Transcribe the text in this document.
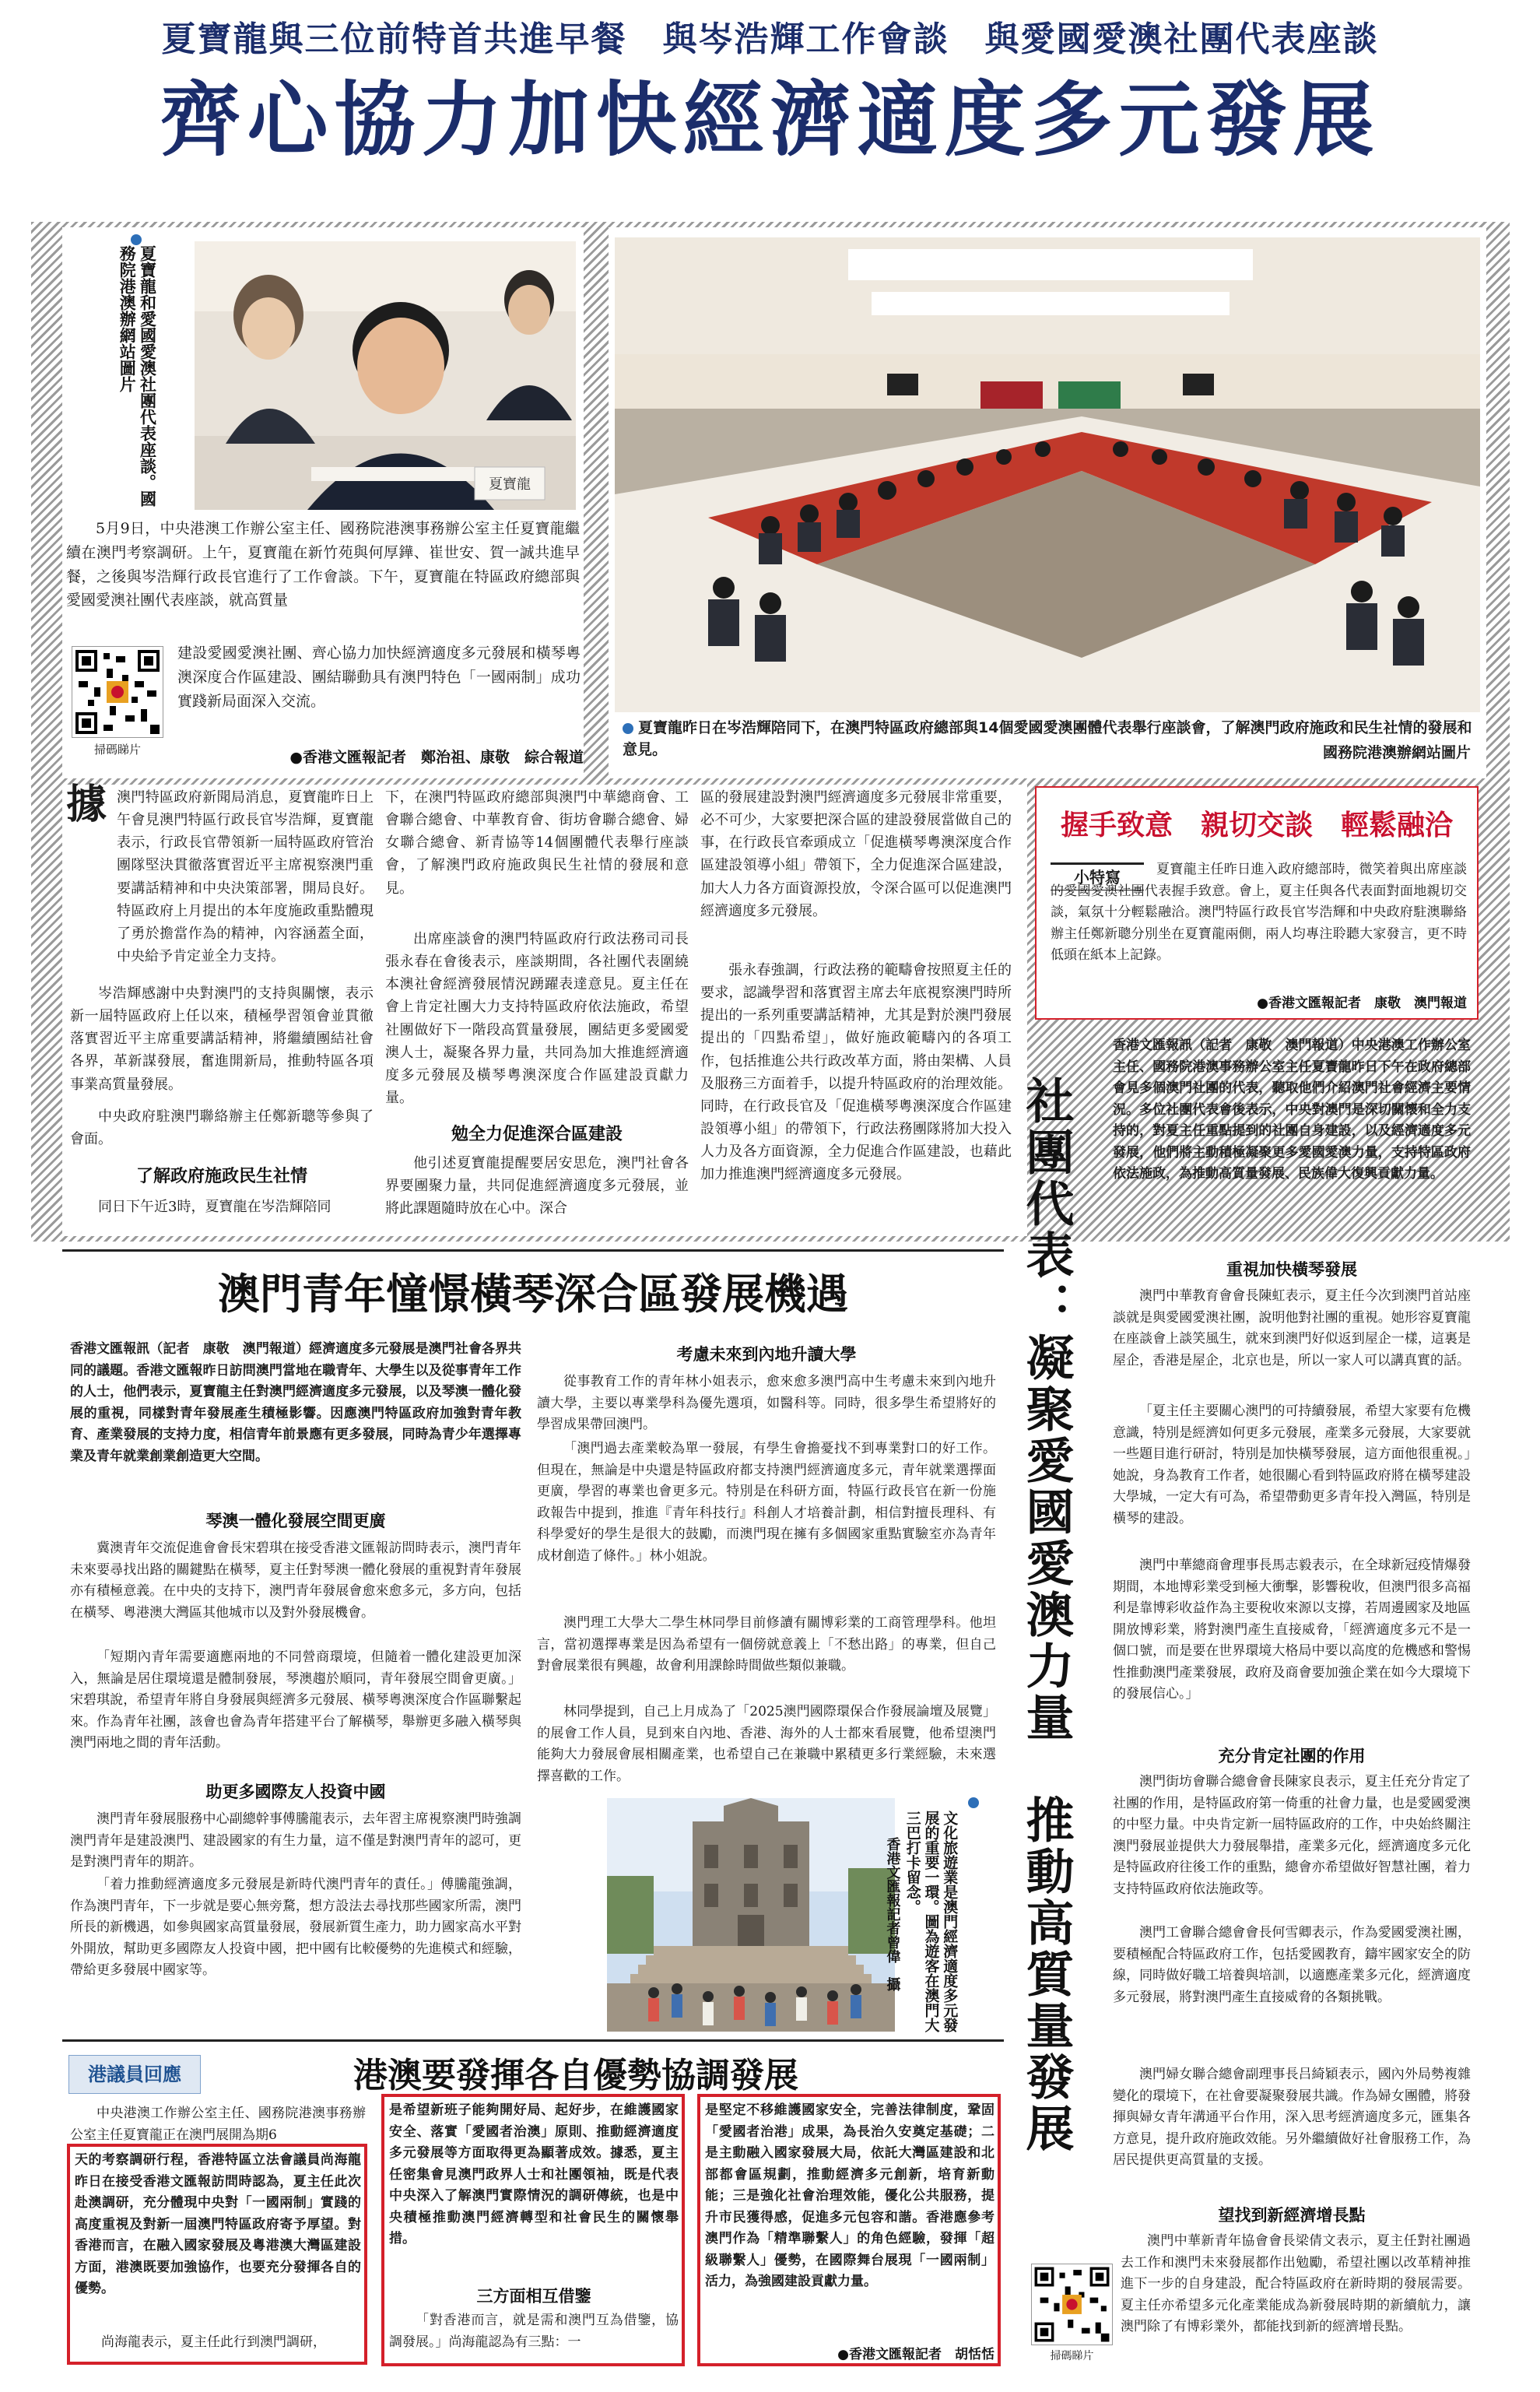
夏寶龍與三位前特首共進早餐　與岑浩輝工作會談　與愛國愛澳社團代表座談
齊心協力加快經濟適度多元發展
夏寶龍和愛國愛澳社團代表座談。國務院港澳辦網站圖片
夏寶龍
5月9日，中央港澳工作辦公室主任、國務院港澳事務辦公室主任夏寶龍繼續在澳門考察調研。上午，夏寶龍在新竹苑與何厚鏵、崔世安、賀一誠共進早餐，之後與岑浩輝行政長官進行了工作會談。下午，夏寶龍在特區政府總部與愛國愛澳社團代表座談，就高質量
掃碼睇片
建設愛國愛澳社團、齊心協力加快經濟適度多元發展和橫琴粵澳深度合作區建設、團結聯動具有澳門特色「一國兩制」成功實踐新局面深入交流。
●香港文匯報記者　鄭治祖、康敬　綜合報道
夏寶龍昨日在岑浩輝陪同下，在澳門特區政府總部與14個愛國愛澳團體代表舉行座談會，了解澳門政府施政和民生社情的發展和意見。	國務院港澳辦網站圖片
據 澳門特區政府新聞局消息，夏寶龍昨日上午會見澳門特區行政長官岑浩輝，夏寶龍表示，行政長官帶領新一屆特區政府管治團隊堅決貫徹落實習近平主席視察澳門重要講話精神和中央決策部署，開局良好。特區政府上月提出的本年度施政重點體現了勇於擔當作為的精神，內容涵蓋全面，中央給予肯定並全力支持。
岑浩輝感謝中央對澳門的支持與關懷，表示新一屆特區政府上任以來，積極學習領會並貫徹落實習近平主席重要講話精神，將繼續團結社會各界，革新謀發展，奮進開新局，推動特區各項事業高質量發展。
中央政府駐澳門聯絡辦主任鄭新聰等參與了會面。
了解政府施政民生社情
同日下午近3時，夏寶龍在岑浩輝陪同
下，在澳門特區政府總部與澳門中華總商會、工會聯合總會、中華教育會、街坊會聯合總會、婦女聯合總會、新青協等14個團體代表舉行座談會，了解澳門政府施政與民生社情的發展和意見。
出席座談會的澳門特區政府行政法務司司長張永春在會後表示，座談期間，各社團代表圍繞本澳社會經濟發展情況踴躍表達意見。夏主任在會上肯定社團大力支持特區政府依法施政，希望社團做好下一階段高質量發展，團結更多愛國愛澳人士，凝聚各界力量，共同為加大推進經濟適度多元發展及橫琴粵澳深度合作區建設貢獻力量。
勉全力促進深合區建設
他引述夏寶龍提醒要居安思危，澳門社會各界要團聚力量，共同促進經濟適度多元發展，並將此課題隨時放在心中。深合
區的發展建設對澳門經濟適度多元發展非常重要，必不可少，大家要把深合區的建設發展當做自己的事，在行政長官牽頭成立「促進橫琴粵澳深度合作區建設領導小組」帶領下，全力促進深合區建設，加大人力各方面資源投放，令深合區可以促進澳門經濟適度多元發展。
張永春強調，行政法務的範疇會按照夏主任的要求，認識學習和落實習主席去年底視察澳門時所提出的一系列重要講話精神，尤其是對於澳門發展提出的「四點希望」，做好施政範疇內的各項工作，包括推進公共行政改革方面，將由架構、人員及服務三方面着手，以提升特區政府的治理效能。同時，在行政長官及「促進橫琴粵澳深度合作區建設領導小組」的帶領下，行政法務團隊將加大投入人力及各方面資源，全力促進合作區建設，也藉此加力推進澳門經濟適度多元發展。
握手致意　親切交談　輕鬆融洽
小特寫	夏寶龍主任昨日進入政府總部時，微笑着與出席座談的愛國愛澳社團代表握手致意。會上，夏主任與各代表面對面地親切交談，氣氛十分輕鬆融洽。澳門特區行政長官岑浩輝和中央政府駐澳聯絡辦主任鄭新聰分別坐在夏寶龍兩側，兩人均專注聆聽大家發言，更不時低頭在紙本上記錄。
●香港文匯報記者　康敬　澳門報道
社團代表：凝聚愛國愛澳力量　推動高質量發展
香港文匯報訊（記者　康敬　澳門報道）中央港澳工作辦公室主任、國務院港澳事務辦公室主任夏寶龍昨日下午在政府總部會見多個澳門社團的代表，聽取他們介紹澳門社會經濟主要情況。多位社團代表會後表示，中央對澳門是深切關懷和全力支持的，對夏主任重點提到的社團自身建設，以及經濟適度多元發展，他們將主動積極凝聚更多愛國愛澳力量，支持特區政府依法施政，為推動高質量發展、民族偉大復興貢獻力量。
重視加快橫琴發展
澳門中華教育會會長陳虹表示，夏主任今次到澳門首站座談就是與愛國愛澳社團，說明他對社團的重視。她形容夏寶龍在座談會上談笑風生，就來到澳門好似返到屋企一樣，這裏是屋企，香港是屋企，北京也是，所以一家人可以講真實的話。
「夏主任主要關心澳門的可持續發展，希望大家要有危機意識，特別是經濟如何更多元發展，產業多元發展，大家要就一些題目進行研討，特別是加快橫琴發展，這方面他很重視。」她說，身為教育工作者，她很關心看到特區政府將在橫琴建設大學城，一定大有可為，希望帶動更多青年投入灣區，特別是橫琴的建設。
澳門中華總商會理事長馬志毅表示，在全球新冠疫情爆發期間，本地博彩業受到極大衝擊，影響稅收，但澳門很多高福利是靠博彩收益作為主要稅收來源以支撐，若周邊國家及地區開放博彩業，將對澳門產生直接威脅，「經濟適度多元不是一個口號，而是要在世界環境大格局中要以高度的危機感和警惕性推動澳門產業發展，政府及商會要加強企業在如今大環境下的發展信心。」
充分肯定社團的作用
澳門街坊會聯合總會會長陳家良表示，夏主任充分肯定了社團的作用，是特區政府第一倚重的社會力量，也是愛國愛澳的中堅力量。中央肯定新一屆特區政府的工作，中央始終關注澳門發展並提供大力發展舉措，產業多元化，經濟適度多元化是特區政府往後工作的重點，總會亦希望做好智慧社團，着力支持特區政府依法施政等。
澳門工會聯合總會會長何雪卿表示，作為愛國愛澳社團，要積極配合特區政府工作，包括愛國教育，鑄牢國家安全的防線，同時做好職工培養與培訓，以適應產業多元化，經濟適度多元發展，將對澳門產生直接威脅的各類挑戰。
澳門婦女聯合總會副理事長吕綺穎表示，國內外局勢複雜變化的環境下，在社會要凝聚發展共識。作為婦女團體，將發揮與婦女青年溝通平台作用，深入思考經濟適度多元，匯集各方意見，提升政府施政效能。另外繼續做好社會服務工作，為居民提供更高質量的支援。
望找到新經濟增長點
掃碼睇片
澳門中華新青年協會會長梁倩文表示，夏主任對社團過去工作和澳門未來發展都作出勉勵，希望社團以改革精神推進下一步的自身建設，配合特區政府在新時期的發展需要。夏主任亦希望多元化產業能成為新發展時期的新續航力，讓澳門除了有博彩業外，都能找到新的經濟增長點。
澳門青年憧憬橫琴深合區發展機遇
香港文匯報訊（記者　康敬　澳門報道）經濟適度多元發展是澳門社會各界共同的議題。香港文匯報昨日訪問澳門當地在職青年、大學生以及從事青年工作的人士，他們表示，夏寶龍主任對澳門經濟適度多元發展，以及琴澳一體化發展的重視，同樣對青年發展產生積極影響。因應澳門特區政府加強對青年教育、產業發展的支持力度，相信青年前景應有更多發展，同時為青少年選擇專業及青年就業創業創造更大空間。
琴澳一體化發展空間更廣
冀澳青年交流促進會會長宋碧琪在接受香港文匯報訪問時表示，澳門青年未來要尋找出路的關鍵點在橫琴，夏主任對琴澳一體化發展的重視對青年發展亦有積極意義。在中央的支持下，澳門青年發展會愈來愈多元，多方向，包括在橫琴、粵港澳大灣區其他城市以及對外發展機會。
「短期內青年需要適應兩地的不同營商環境，但隨着一體化建設更加深入，無論是居住環境還是體制發展，琴澳趨於順同，青年發展空間會更廣。」宋碧琪說，希望青年將自身發展與經濟多元發展、橫琴粵澳深度合作區聯繫起來。作為青年社團，該會也會為青年搭建平台了解橫琴，舉辦更多融入橫琴與澳門兩地之間的青年活動。
助更多國際友人投資中國
澳門青年發展服務中心副總幹事傅騰龍表示，去年習主席視察澳門時強調澳門青年是建設澳門、建設國家的有生力量，這不僅是對澳門青年的認可，更是對澳門青年的期許。
「着力推動經濟適度多元發展是新時代澳門青年的責任。」傅騰龍強調，作為澳門青年，下一步就是要心無旁騖，想方設法去尋找那些國家所需，澳門所長的新機遇，如參與國家高質量發展，發展新質生產力，助力國家高水平對外開放，幫助更多國際友人投資中國，把中國有比較優勢的先進模式和經驗，帶給更多發展中國家等。
考慮未來到內地升讀大學
從事教育工作的青年林小姐表示，愈來愈多澳門高中生考慮未來到內地升讀大學，主要以專業學科為優先選項，如醫科等。同時，很多學生希望將好的學習成果帶回澳門。
「澳門過去產業較為單一發展，有學生會擔憂找不到專業對口的好工作。但現在，無論是中央還是特區政府都支持澳門經濟適度多元，青年就業選擇面更廣，學習的專業也會更多元。特別是在科研方面，特區行政長官在新一份施政報告中提到，推進『青年科技行』科創人才培養計劃，相信對擅長理科、有科學愛好的學生是很大的鼓勵，而澳門現在擁有多個國家重點實驗室亦為青年成材創造了條件。」林小姐說。
澳門理工大學大二學生林同學目前修讀有關博彩業的工商管理學科。他坦言，當初選擇專業是因為希望有一個傍就意義上「不愁出路」的專業，但自己對會展業很有興趣，故會利用課餘時間做些類似兼職。
林同學提到，自己上月成為了「2025澳門國際環保合作發展論壇及展覽」的展會工作人員，見到來自內地、香港、海外的人士都來看展覽，他希望澳門能夠大力發展會展相關產業，也希望自己在兼職中累積更多行業經驗，未來選擇喜歡的工作。
文化旅遊業是澳門經濟適度多元發展的重要一環。圖為遊客在澳門大三巴打卡留念。
香港文匯報記者曾偉　攝
港議員回應	港澳要發揮各自優勢協調發展
中央港澳工作辦公室主任、國務院港澳事務辦公室主任夏寶龍正在澳門展開為期6
天的考察調研行程，香港特區立法會議員尚海龍昨日在接受香港文匯報訪問時認為，夏主任此次赴澳調研，充分體現中央對「一國兩制」實踐的高度重視及對新一屆澳門特區政府寄予厚望。對香港而言，在融入國家發展及粵港澳大灣區建設方面，港澳既要加強協作，也要充分發揮各自的優勢。
尚海龍表示，夏主任此行到澳門調研，
是希望新班子能夠開好局、起好步，在維護國家安全、落實「愛國者治澳」原則、推動經濟適度多元發展等方面取得更為顯著成效。據悉，夏主任密集會見澳門政界人士和社團領袖，既是代表中央深入了解澳門實際情況的調研傳統，也是中央積極推動澳門經濟轉型和社會民生的關懷舉措。
三方面相互借鑒
「對香港而言，就是需和澳門互為借鑒，協調發展。」尚海龍認為有三點：一
是堅定不移維護國家安全，完善法律制度，鞏固「愛國者治港」成果，為長治久安奠定基礎；二是主動融入國家發展大局，依託大灣區建設和北部都會區規劃，推動經濟多元創新，培育新動能；三是強化社會治理效能，優化公共服務，提升市民獲得感，促進多元包容和諧。香港應參考澳門作為「精準聯繫人」的角色經驗，發揮「超級聯繫人」優勢，在國際舞台展現「一國兩制」活力，為強國建設貢獻力量。
●香港文匯報記者　胡恬恬
